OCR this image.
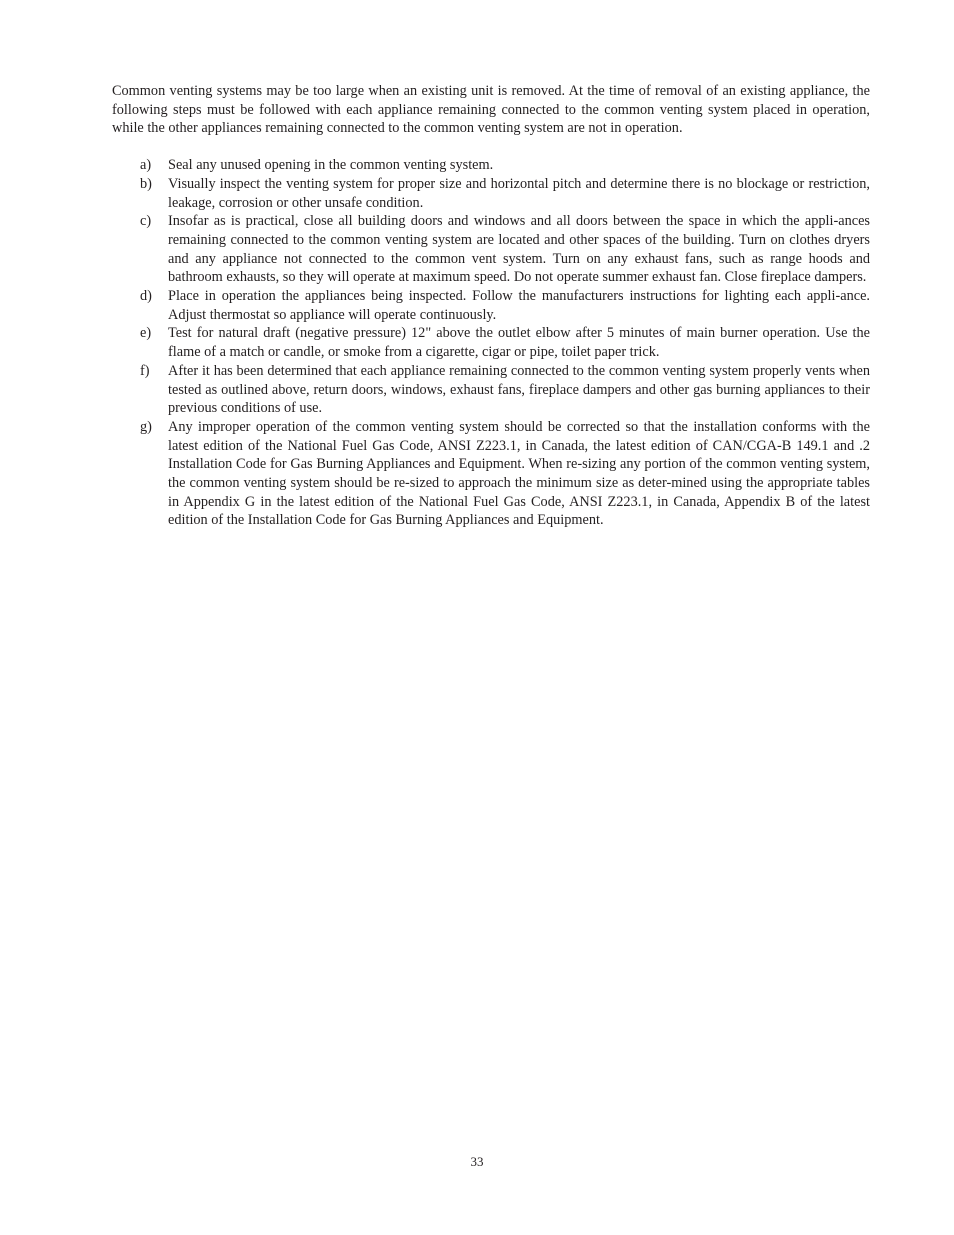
Common venting systems may be too large when an existing unit is removed. At the time of removal of an existing appliance, the following steps must be followed with each appliance remaining connected to the common venting system placed in operation, while the other appliances remaining connected to the common venting system are not in operation.

a) Seal any unused opening in the common venting system.
b) Visually inspect the venting system for proper size and horizontal pitch and determine there is no blockage or restriction, leakage, corrosion or other unsafe condition.
c) Insofar as is practical, close all building doors and windows and all doors between the space in which the appli-ances remaining connected to the common venting system are located and other spaces of the building. Turn on clothes dryers and any appliance not connected to the common vent system. Turn on any exhaust fans, such as range hoods and bathroom exhausts, so they will operate at maximum speed. Do not operate summer exhaust fan. Close fireplace dampers.
d) Place in operation the appliances being inspected. Follow the manufacturers instructions for lighting each appli-ance. Adjust thermostat so appliance will operate continuously.
e) Test for natural draft (negative pressure) 12" above the outlet elbow after 5 minutes of main burner operation. Use the flame of a match or candle, or smoke from a cigarette, cigar or pipe, toilet paper trick.
f) After it has been determined that each appliance remaining connected to the common venting system properly vents when tested as outlined above, return doors, windows, exhaust fans, fireplace dampers and other gas burning appliances to their previous conditions of use.
g) Any improper operation of the common venting system should be corrected so that the installation conforms with the latest edition of the National Fuel Gas Code, ANSI Z223.1, in Canada, the latest edition of CAN/CGA-B 149.1 and .2 Installation Code for Gas Burning Appliances and Equipment. When re-sizing any portion of the common venting system, the common venting system should be re-sized to approach the minimum size as deter-mined using the appropriate tables in Appendix G in the latest edition of the National Fuel Gas Code, ANSI Z223.1, in Canada, Appendix B of the latest edition of the Installation Code for Gas Burning Appliances and Equipment.
33
